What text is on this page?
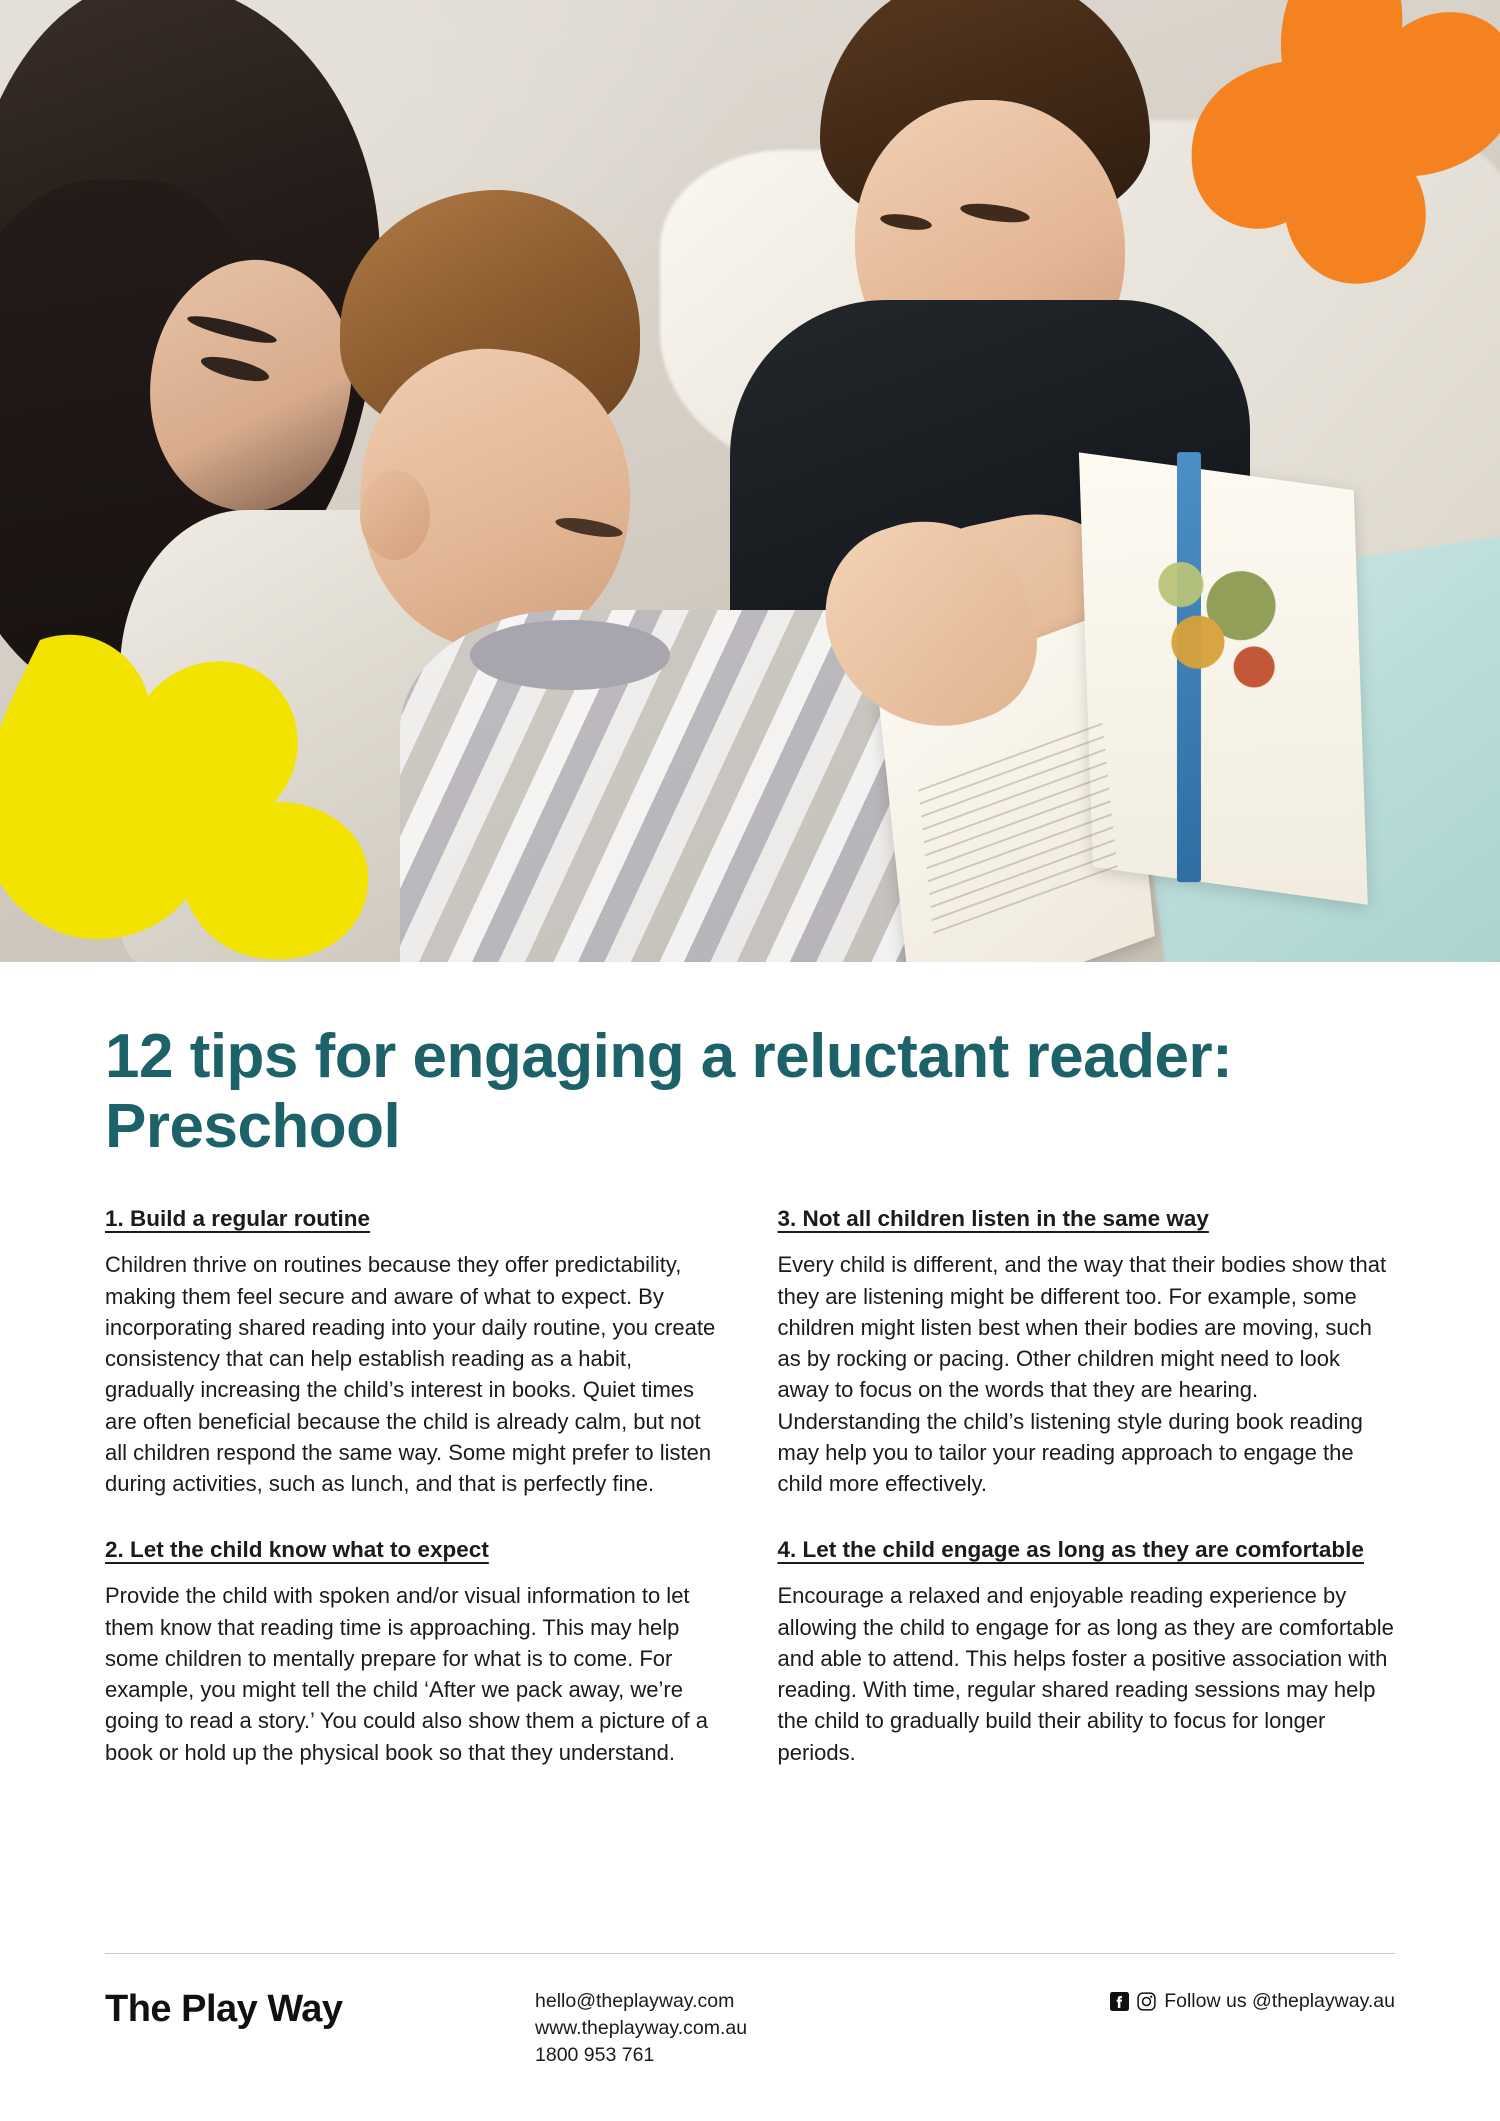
12 tips for engaging a reluctant reader: Preschool
1. Build a regular routine

Children thrive on routines because they offer predictability, making them feel secure and aware of what to expect. By incorporating shared reading into your daily routine, you create consistency that can help establish reading as a habit, gradually increasing the child’s interest in books. Quiet times are often beneficial because the child is already calm, but not all children respond the same way. Some might prefer to listen during activities, such as lunch, and that is perfectly fine.

2. Let the child know what to expect

Provide the child with spoken and/or visual information to let them know that reading time is approaching. This may help some children to mentally prepare for what is to come. For example, you might tell the child ‘After we pack away, we’re going to read a story.’ You could also show them a picture of a book or hold up the physical book so that they understand.

3. Not all children listen in the same way

Every child is different, and the way that their bodies show that they are listening might be different too. For example, some children might listen best when their bodies are moving, such as by rocking or pacing. Other children might need to look away to focus on the words that they are hearing. Understanding the child’s listening style during book reading may help you to tailor your reading approach to engage the child more effectively.

4. Let the child engage as long as they are comfortable

Encourage a relaxed and enjoyable reading experience by allowing the child to engage for as long as they are comfortable and able to attend. This helps foster a positive association with reading. With time, regular shared reading sessions may help the child to gradually build their ability to focus for longer periods.

The Play Way	hello@theplayway.com
www.theplayway.com.au
1800 953 761
Follow us @theplayway.au
